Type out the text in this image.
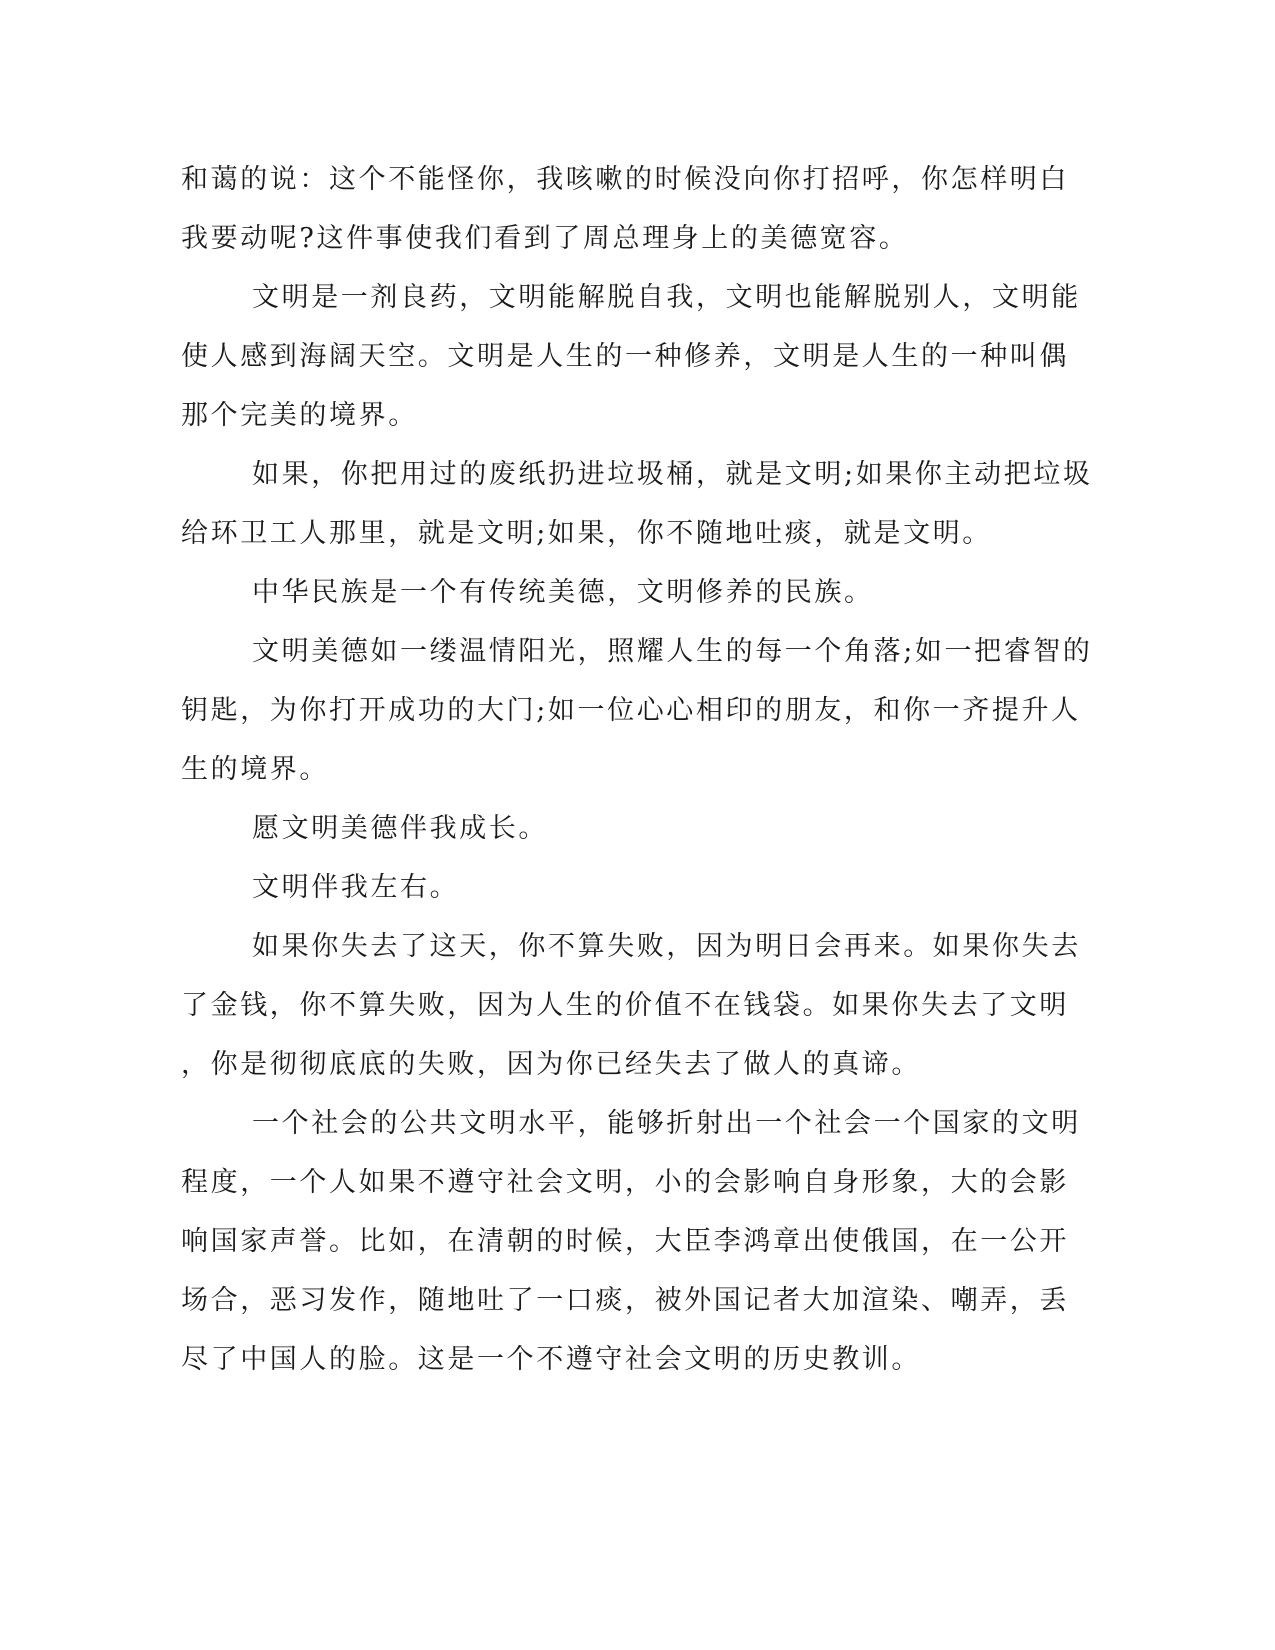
和蔼的说：这个不能怪你，我咳嗽的时候没向你打招呼，你怎样明白
我要动呢?这件事使我们看到了周总理身上的美德宽容。
文明是一剂良药，文明能解脱自我，文明也能解脱别人，文明能
使人感到海阔天空。文明是人生的一种修养，文明是人生的一种叫偶
那个完美的境界。
如果，你把用过的废纸扔进垃圾桶，就是文明;如果你主动把垃圾
给环卫工人那里，就是文明;如果，你不随地吐痰，就是文明。
中华民族是一个有传统美德，文明修养的民族。
文明美德如一缕温情阳光，照耀人生的每一个角落;如一把睿智的
钥匙，为你打开成功的大门;如一位心心相印的朋友，和你一齐提升人
生的境界。
愿文明美德伴我成长。
文明伴我左右。
如果你失去了这天，你不算失败，因为明日会再来。如果你失去
了金钱，你不算失败，因为人生的价值不在钱袋。如果你失去了文明
，你是彻彻底底的失败，因为你已经失去了做人的真谛。
一个社会的公共文明水平，能够折射出一个社会一个国家的文明
程度，一个人如果不遵守社会文明，小的会影响自身形象，大的会影
响国家声誉。比如，在清朝的时候，大臣李鸿章出使俄国，在一公开
场合，恶习发作，随地吐了一口痰，被外国记者大加渲染、嘲弄，丢
尽了中国人的脸。这是一个不遵守社会文明的历史教训。
